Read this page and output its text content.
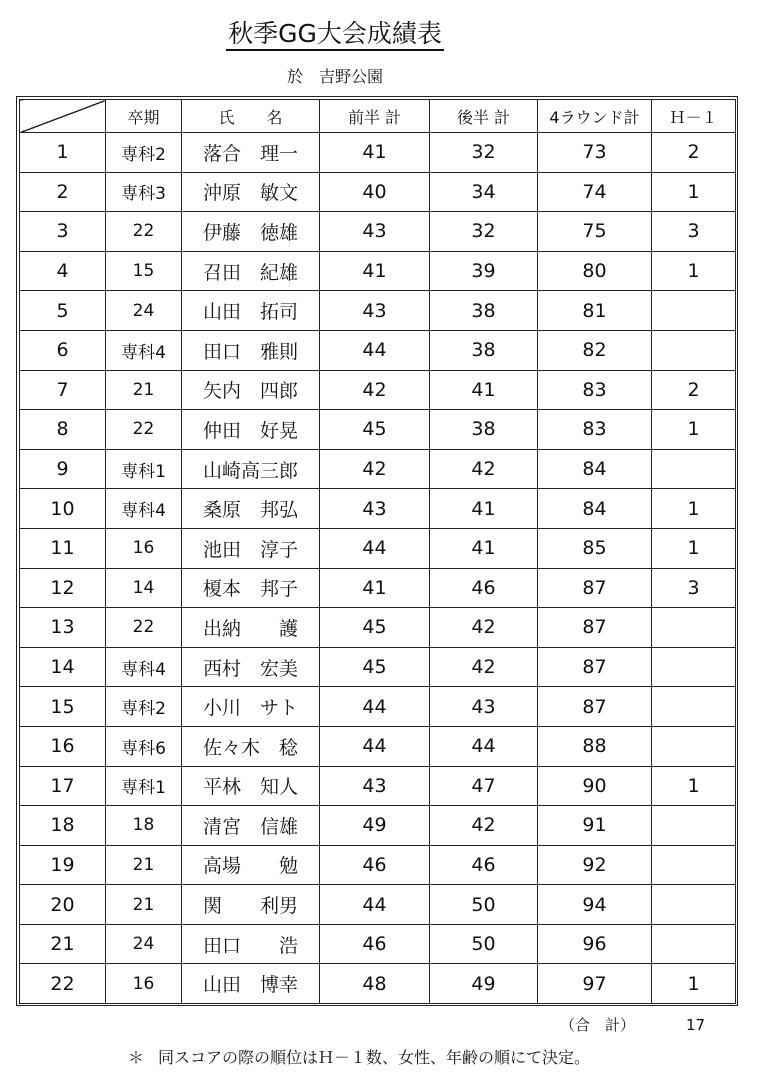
秋季GG大会成績表
於　吉野公園
	卒期	氏　　名	前半 計	後半 計	4ラウンド計	Ｈ－１
1	専科2	落合　理一	41	32	73	2
2	専科3	沖原　敏文	40	34	74	1
3	22	伊藤　徳雄	43	32	75	3
4	15	召田　紀雄	41	39	80	1
5	24	山田　拓司	43	38	81	
6	専科4	田口　雅則	44	38	82	
7	21	矢内　四郎	42	41	83	2
8	22	仲田　好晃	45	38	83	1
9	専科1	山崎高三郎	42	42	84	
10	専科4	桑原　邦弘	43	41	84	1
11	16	池田　淳子	44	41	85	1
12	14	榎本　邦子	41	46	87	3
13	22	出納　　護	45	42	87	
14	専科4	西村　宏美	45	42	87	
15	専科2	小川　サト	44	43	87	
16	専科6	佐々木　稔	44	44	88	
17	専科1	平林　知人	43	47	90	1
18	18	清宮　信雄	49	42	91	
19	21	高場　　勉	46	46	92	
20	21	関　　利男	44	50	94	
21	24	田口　　浩	46	50	96	
22	16	山田　博幸	48	49	97	1
（合　計）	17
＊ 同スコアの際の順位はＨ－１数、女性、年齢の順にて決定。
